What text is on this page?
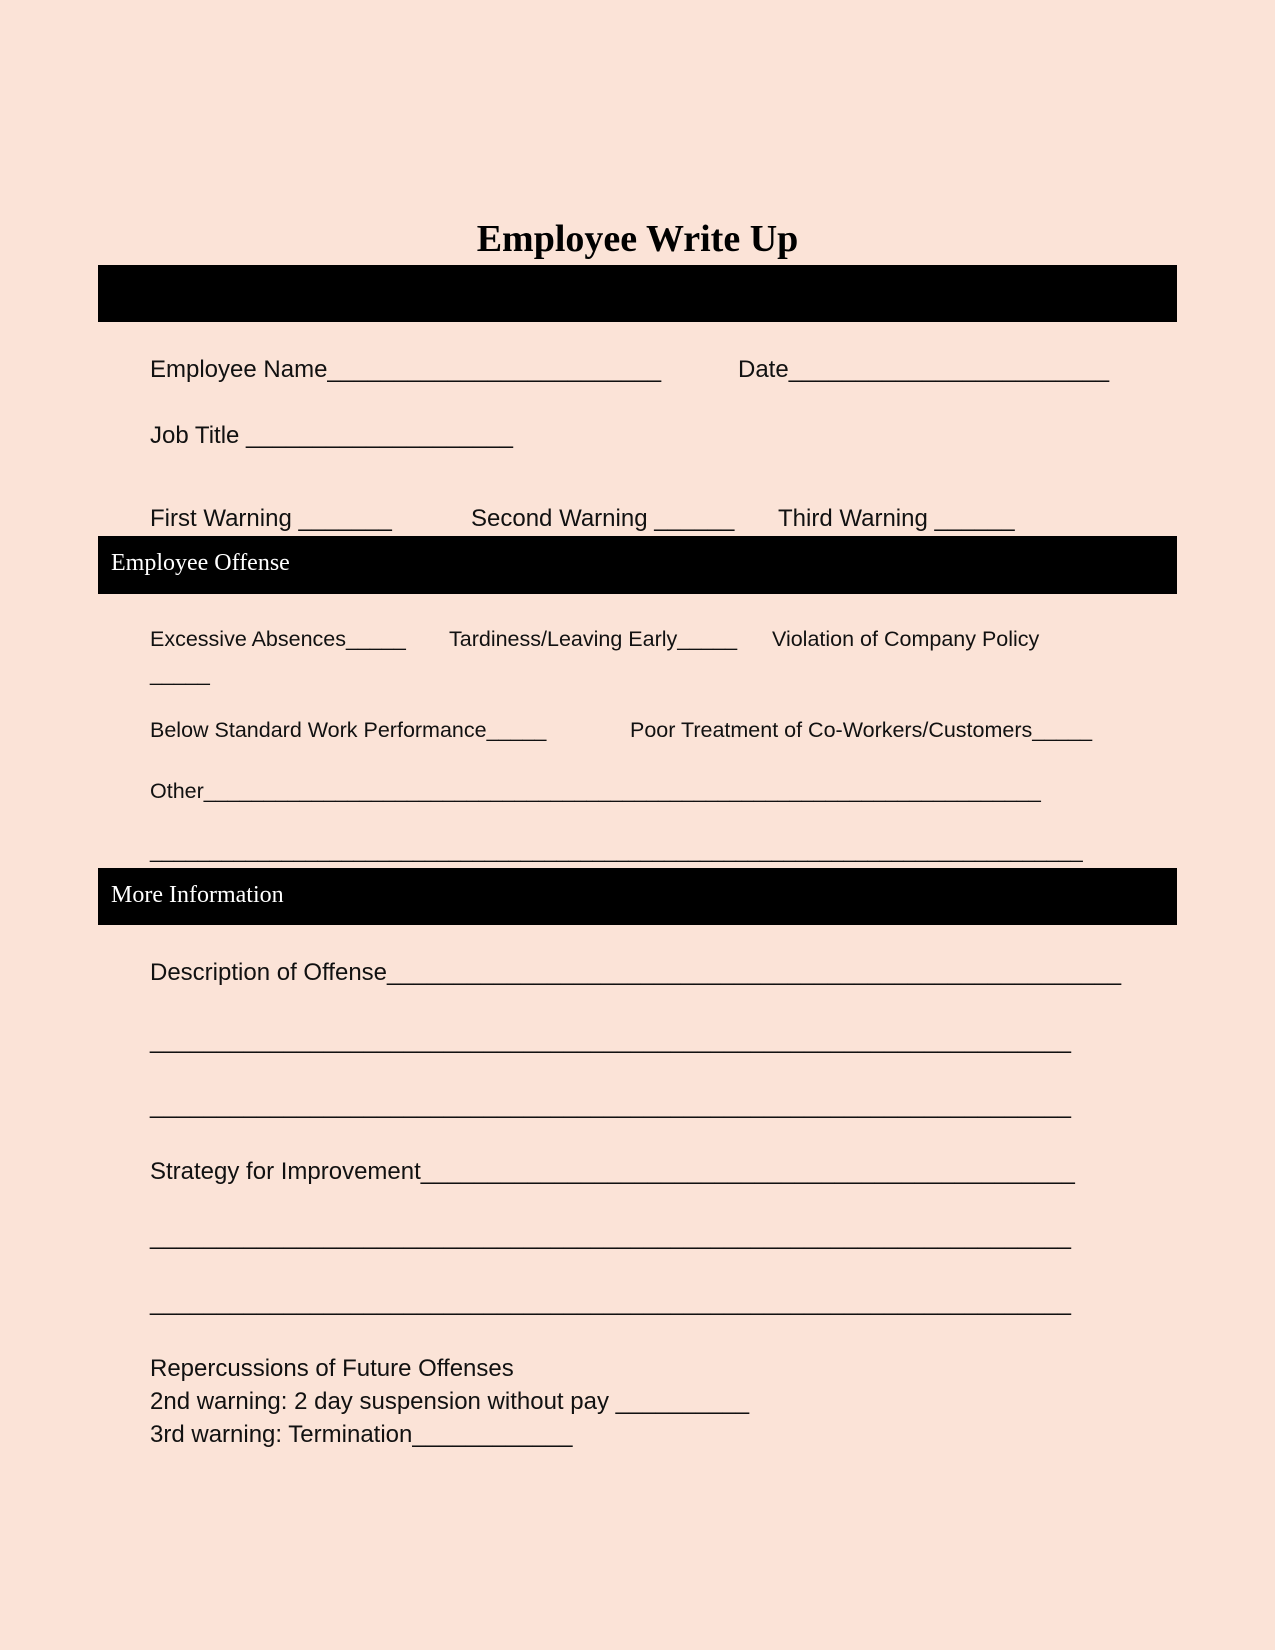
Employee Write Up
Employee Name_________________________	Date________________________
Job Title ____________________
First Warning _______	Second Warning ______ Third Warning ______
Employee Offense
Excessive Absences_____ Tardiness/Leaving Early_____ Violation of Company Policy
_____
Below Standard Work Performance_____	Poor Treatment of Co-Workers/Customers_____
Other______________________________________________________________________
______________________________________________________________________________
More Information
Description of Offense_______________________________________________________
_____________________________________________________________________
_____________________________________________________________________
Strategy for Improvement_________________________________________________
_____________________________________________________________________
_____________________________________________________________________
Repercussions of Future Offenses
2nd warning: 2 day suspension without pay __________
3rd warning: Termination____________
